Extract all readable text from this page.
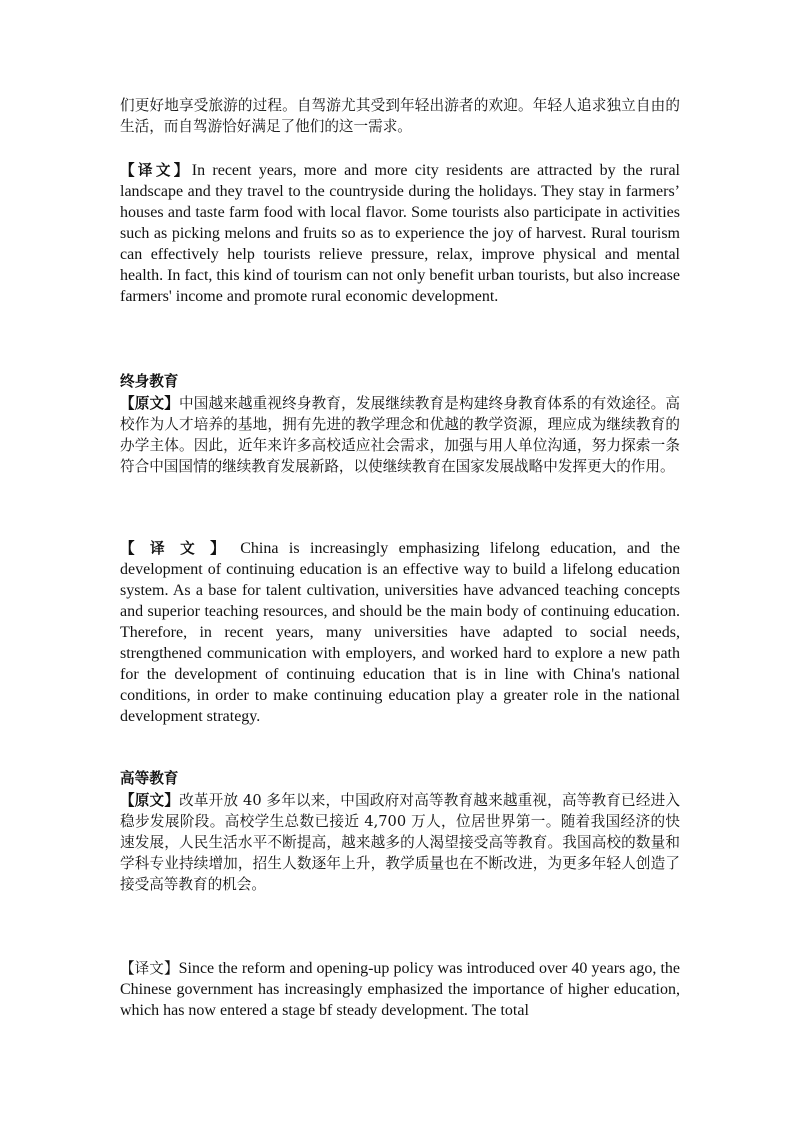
们更好地享受旅游的过程。自驾游尤其受到年轻出游者的欢迎。年轻人追求独立自由的生活，而自驾游恰好满足了他们的这一需求。

【译文】In recent years, more and more city residents are attracted by the rural landscape and they travel to the countryside during the holidays. They stay in farmers’ houses and taste farm food with local flavor. Some tourists also participate in activities such as picking melons and fruits so as to experience the joy of harvest. Rural tourism can effectively help tourists relieve pressure, relax, improve physical and mental health. In fact, this kind of tourism can not only benefit urban tourists, but also increase farmers' income and promote rural economic development.

终身教育

【原文】中国越来越重视终身教育，发展继续教育是构建终身教育体系的有效途径。高校作为人才培养的基地，拥有先进的教学理念和优越的教学资源，理应成为继续教育的办学主体。因此，近年来许多高校适应社会需求，加强与用人单位沟通，努力探索一条符合中国国情的继续教育发展新路，以使继续教育在国家发展战略中发挥更大的作用。

【译文】China is increasingly emphasizing lifelong education, and the development of continuing education is an effective way to build a lifelong education system. As a base for talent cultivation, universities have advanced teaching concepts and superior teaching resources, and should be the main body of continuing education. Therefore, in recent years, many universities have adapted to social needs, strengthened communication with employers, and worked hard to explore a new path for the development of continuing education that is in line with China's national conditions, in order to make continuing education play a greater role in the national development strategy.

高等教育

【原文】改革开放 40 多年以来，中国政府对高等教育越来越重视，高等教育已经进入稳步发展阶段。高校学生总数已接近 4,700 万人，位居世界第一。随着我国经济的快速发展，人民生活水平不断提高，越来越多的人渴望接受高等教育。我国高校的数量和学科专业持续增加，招生人数逐年上升，教学质量也在不断改进，为更多年轻人创造了接受高等教育的机会。

【译文】Since the reform and opening-up policy was introduced over 40 years ago, the Chinese government has increasingly emphasized the importance of higher education, which has now entered a stage bf steady development. The total
